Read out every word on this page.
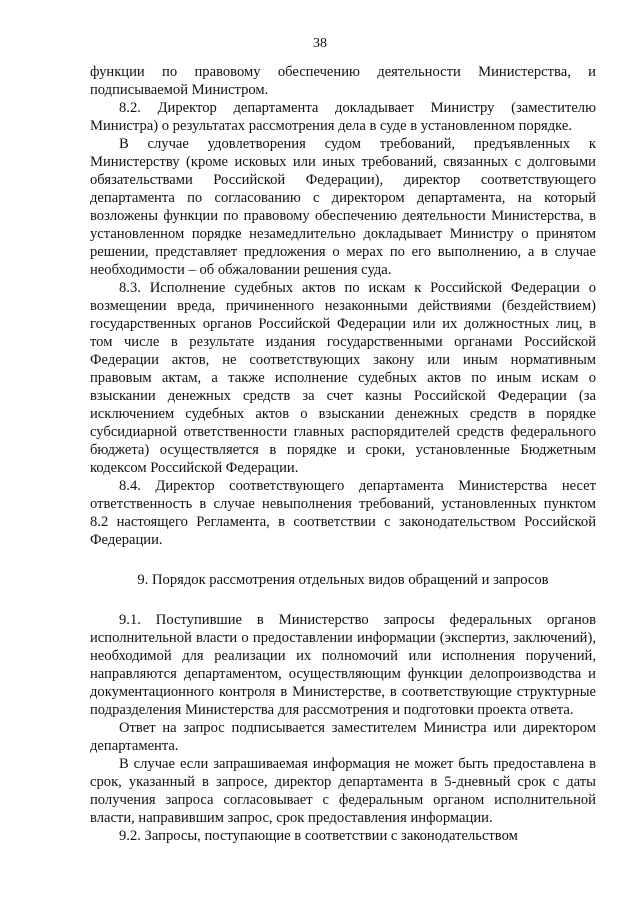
38

функции по правовому обеспечению деятельности Министерства, и подписываемой Министром.

8.2. Директор департамента докладывает Министру (заместителю Министра) о результатах рассмотрения дела в суде в установленном порядке.

В случае удовлетворения судом требований, предъявленных к Министерству (кроме исковых или иных требований, связанных с долговыми обязательствами Российской Федерации), директор соответствующего департамента по согласованию с директором департамента, на который возложены функции по правовому обеспечению деятельности Министерства, в установленном порядке незамедлительно докладывает Министру о принятом решении, представляет предложения о мерах по его выполнению, а в случае необходимости – об обжаловании решения суда.

8.3. Исполнение судебных актов по искам к Российской Федерации о возмещении вреда, причиненного незаконными действиями (бездействием) государственных органов Российской Федерации или их должностных лиц, в том числе в результате издания государственными органами Российской Федерации актов, не соответствующих закону или иным нормативным правовым актам, а также исполнение судебных актов по иным искам о взыскании денежных средств за счет казны Российской Федерации (за исключением судебных актов о взыскании денежных средств в порядке субсидиарной ответственности главных распорядителей средств федерального бюджета) осуществляется в порядке и сроки, установленные Бюджетным кодексом Российской Федерации.

8.4. Директор соответствующего департамента Министерства несет ответственность в случае невыполнения требований, установленных пунктом 8.2 настоящего Регламента, в соответствии с законодательством Российской Федерации.

9. Порядок рассмотрения отдельных видов обращений и запросов

9.1. Поступившие в Министерство запросы федеральных органов исполнительной власти о предоставлении информации (экспертиз, заключений), необходимой для реализации их полномочий или исполнения поручений, направляются департаментом, осуществляющим функции делопроизводства и документационного контроля в Министерстве, в соответствующие структурные подразделения Министерства для рассмотрения и подготовки проекта ответа.

Ответ на запрос подписывается заместителем Министра или директором департамента.

В случае если запрашиваемая информация не может быть предоставлена в срок, указанный в запросе, директор департамента в 5-дневный срок с даты получения запроса согласовывает с федеральным органом исполнительной власти, направившим запрос, срок предоставления информации.

9.2. Запросы, поступающие в соответствии с законодательством
